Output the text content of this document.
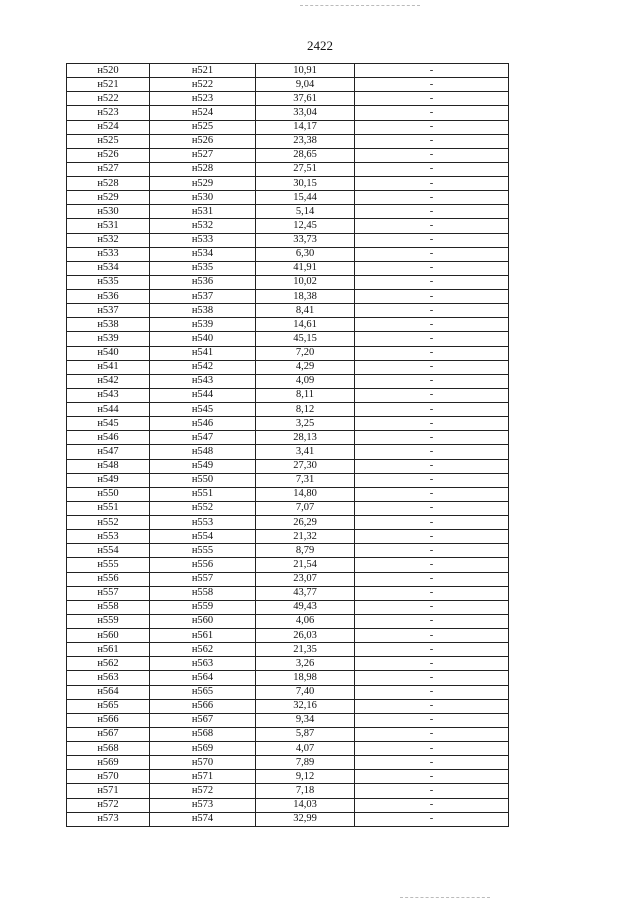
2422
н520	н521	10,91	-
н521	н522	9,04	-
н522	н523	37,61	-
н523	н524	33,04	-
н524	н525	14,17	-
н525	н526	23,38	-
н526	н527	28,65	-
н527	н528	27,51	-
н528	н529	30,15	-
н529	н530	15,44	-
н530	н531	5,14	-
н531	н532	12,45	-
н532	н533	33,73	-
н533	н534	6,30	-
н534	н535	41,91	-
н535	н536	10,02	-
н536	н537	18,38	-
н537	н538	8,41	-
н538	н539	14,61	-
н539	н540	45,15	-
н540	н541	7,20	-
н541	н542	4,29	-
н542	н543	4,09	-
н543	н544	8,11	-
н544	н545	8,12	-
н545	н546	3,25	-
н546	н547	28,13	-
н547	н548	3,41	-
н548	н549	27,30	-
н549	н550	7,31	-
н550	н551	14,80	-
н551	н552	7,07	-
н552	н553	26,29	-
н553	н554	21,32	-
н554	н555	8,79	-
н555	н556	21,54	-
н556	н557	23,07	-
н557	н558	43,77	-
н558	н559	49,43	-
н559	н560	4,06	-
н560	н561	26,03	-
н561	н562	21,35	-
н562	н563	3,26	-
н563	н564	18,98	-
н564	н565	7,40	-
н565	н566	32,16	-
н566	н567	9,34	-
н567	н568	5,87	-
н568	н569	4,07	-
н569	н570	7,89	-
н570	н571	9,12	-
н571	н572	7,18	-
н572	н573	14,03	-
н573	н574	32,99	-
